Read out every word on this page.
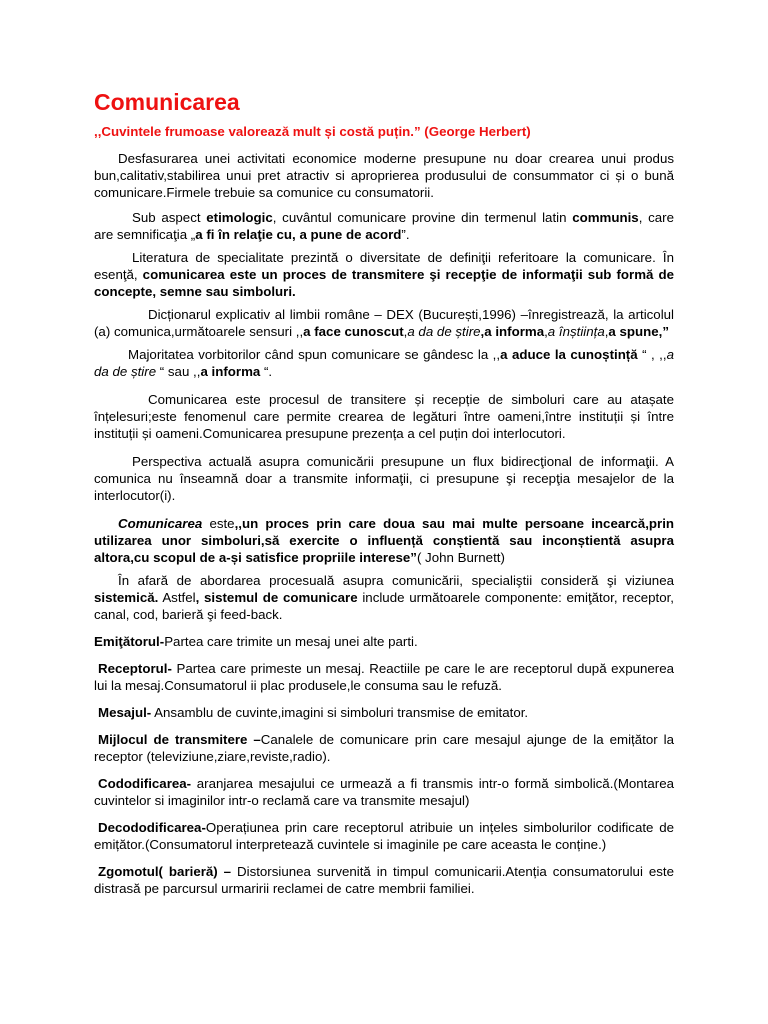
Comunicarea
,,Cuvintele frumoase valorează mult și costă puțin.” (George Herbert)

Desfasurarea unei activitati economice moderne presupune nu doar crearea unui produs bun,calitativ,stabilirea unui pret atractiv si aproprierea produsului de consummator ci și o bună comunicare.Firmele trebuie sa comunice cu consumatorii.

Sub aspect etimologic, cuvântul comunicare provine din termenul latin communis, care are semnificaţia „a fi în relaţie cu, a pune de acord”.

Literatura de specialitate prezintă o diversitate de definiţii referitoare la comunicare. În esenţă, comunicarea este un proces de transmitere şi recepţie de informaţii sub formă de concepte, semne sau simboluri.

Dicționarul explicativ al limbii române – DEX (București,1996) –înregistrează, la articolul (a) comunica,următoarele sensuri ,,a face cunoscut,a da de știre,a informa,a înștiința,a spune,”

Majoritatea vorbitorilor când spun comunicare se gândesc la ,,a aduce la cunoștință “ , ,,a da de știre “ sau ,,a informa “.

Comunicarea este procesul de transitere și recepție de simboluri care au atașate înțelesuri;este fenomenul care permite crearea de legături între oameni,între instituții și între instituții și oameni.Comunicarea presupune prezența a cel puțin doi interlocutori.

Perspectiva actuală asupra comunicării presupune un flux bidirecţional de informaţii. A comunica nu înseamnă doar a transmite informaţii, ci presupune şi recepţia mesajelor de la interlocutor(i).

Comunicarea este,,un proces prin care doua sau mai multe persoane incearcă,prin utilizarea unor simboluri,să exercite o influență conștientă sau inconștientă asupra altora,cu scopul de a-și satisfice propriile interese”( John Burnett)

În afară de abordarea procesuală asupra comunicării, specialiştii consideră şi viziunea sistemică. Astfel, sistemul de comunicare include următoarele componente: emiţător, receptor, canal, cod, barieră şi feed-back.

Emiţătorul-Partea care trimite un mesaj unei alte parti.

Receptorul- Partea care primeste un mesaj. Reactiile pe care le are receptorul după expunerea lui la mesaj.Consumatorul ii plac produsele,le consuma sau le refuză.

Mesajul- Ansamblu de cuvinte,imagini si simboluri transmise de emitator.

Mijlocul de transmitere –Canalele de comunicare prin care mesajul ajunge de la emițător la receptor (televiziune,ziare,reviste,radio).

Cododificarea- aranjarea mesajului ce urmează a fi transmis intr-o formă simbolică.(Montarea cuvintelor si imaginilor intr-o reclamă care va transmite mesajul)

Decododificarea-Operațiunea prin care receptorul atribuie un ințeles simbolurilor codificate de emițător.(Consumatorul interpretează cuvintele si imaginile pe care aceasta le conține.)

Zgomotul( barieră) – Distorsiunea survenită in timpul comunicarii.Atenția consumatorului este distrasă pe parcursul urmaririi reclamei de catre membrii familiei.
